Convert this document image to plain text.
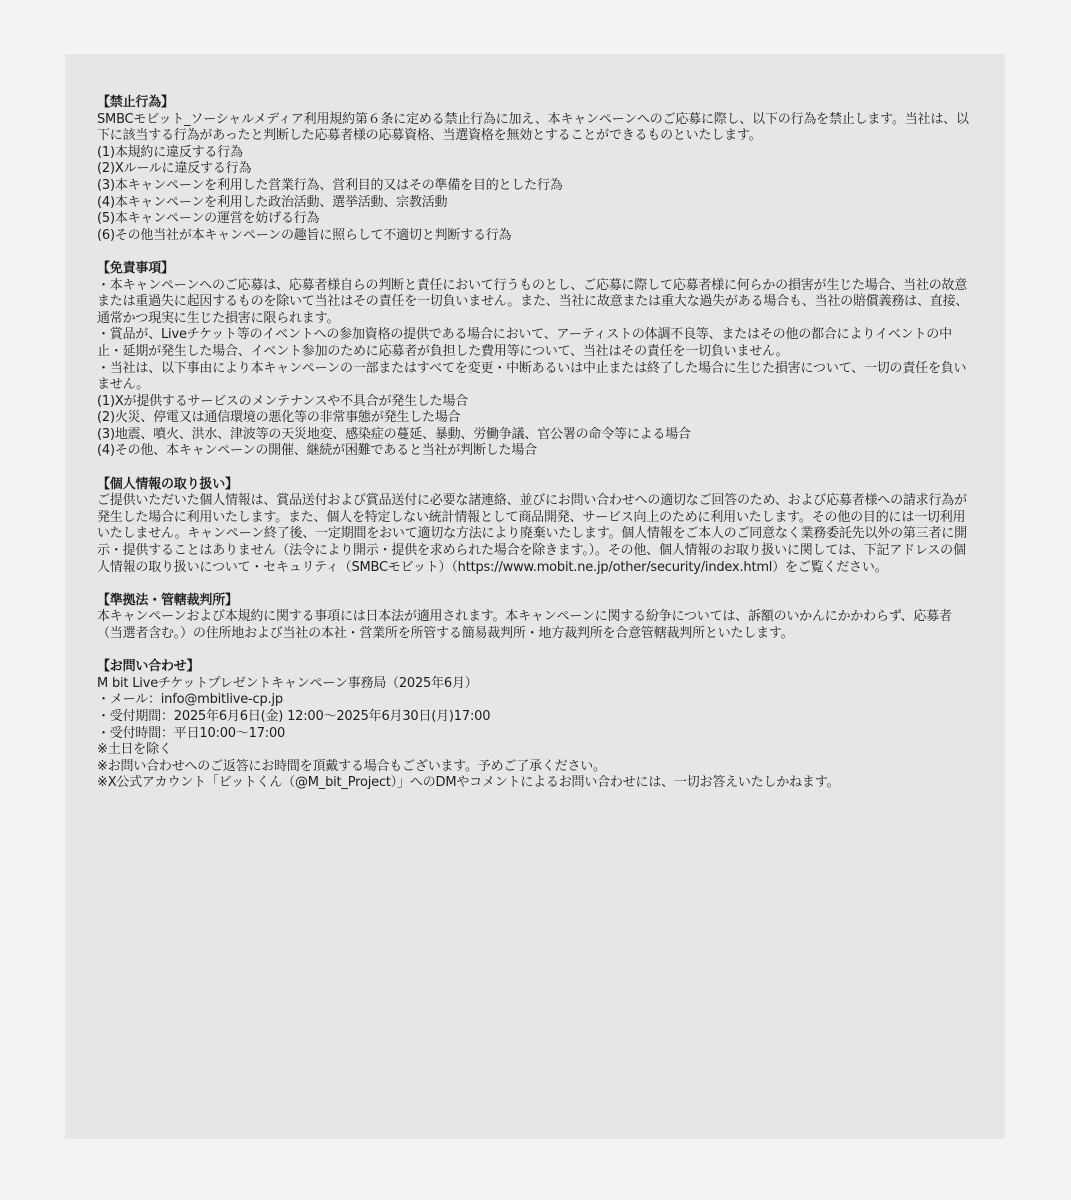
【禁止行為】
SMBCモビット_ソーシャルメディア利用規約第６条に定める禁止行為に加え、本キャンペーンへのご応募に際し、以下の行為を禁止します。当社は、以下に該当する行為があったと判断した応募者様の応募資格、当選資格を無効とすることができるものといたします。
(1)本規約に違反する行為
(2)Xルールに違反する行為
(3)本キャンペーンを利用した営業行為、営利目的又はその準備を目的とした行為
(4)本キャンペーンを利用した政治活動、選挙活動、宗教活動
(5)本キャンペーンの運営を妨げる行為
(6)その他当社が本キャンペーンの趣旨に照らして不適切と判断する行為
【免責事項】
・本キャンペーンへのご応募は、応募者様自らの判断と責任において行うものとし、ご応募に際して応募者様に何らかの損害が生じた場合、当社の故意または重過失に起因するものを除いて当社はその責任を一切負いません。また、当社に故意または重大な過失がある場合も、当社の賠償義務は、直接、通常かつ現実に生じた損害に限られます。
・賞品が、Liveチケット等のイベントへの参加資格の提供である場合において、アーティストの体調不良等、またはその他の都合によりイベントの中止・延期が発生した場合、イベント参加のために応募者が負担した費用等について、当社はその責任を一切負いません。
・当社は、以下事由により本キャンペーンの一部またはすべてを変更・中断あるいは中止または終了した場合に生じた損害について、一切の責任を負いません。
(1)Xが提供するサービスのメンテナンスや不具合が発生した場合
(2)火災、停電又は通信環境の悪化等の非常事態が発生した場合
(3)地震、噴火、洪水、津波等の天災地変、感染症の蔓延、暴動、労働争議、官公署の命令等による場合
(4)その他、本キャンペーンの開催、継続が困難であると当社が判断した場合
【個人情報の取り扱い】
ご提供いただいた個人情報は、賞品送付および賞品送付に必要な諸連絡、並びにお問い合わせへの適切なご回答のため、および応募者様への請求行為が発生した場合に利用いたします。また、個人を特定しない統計情報として商品開発、サービス向上のために利用いたします。その他の目的には一切利用いたしません。キャンペーン終了後、一定期間をおいて適切な方法により廃棄いたします。個人情報をご本人のご同意なく業務委託先以外の第三者に開示・提供することはありません（法令により開示・提供を求められた場合を除きます。）。その他、個人情報のお取り扱いに関しては、下記アドレスの個人情報の取り扱いについて・セキュリティ（SMBCモビット）（https://www.mobit.ne.jp/other/security/index.html）をご覧ください。
【準拠法・管轄裁判所】
本キャンペーンおよび本規約に関する事項には日本法が適用されます。本キャンペーンに関する紛争については、訴額のいかんにかかわらず、応募者（当選者含む。）の住所地および当社の本社・営業所を所管する簡易裁判所・地方裁判所を合意管轄裁判所といたします。
【お問い合わせ】
M bit Liveチケットプレゼントキャンペーン事務局（2025年6月）
・メール：info@mbitlive-cp.jp
・受付期間：2025年6月6日(金) 12:00〜2025年6月30日(月)17:00
・受付時間：平日10:00〜17:00
※土日を除く
※お問い合わせへのご返答にお時間を頂戴する場合もございます。予めご了承ください。
※X公式アカウント「ビットくん（@M_bit_Project）」へのDMやコメントによるお問い合わせには、一切お答えいたしかねます。
